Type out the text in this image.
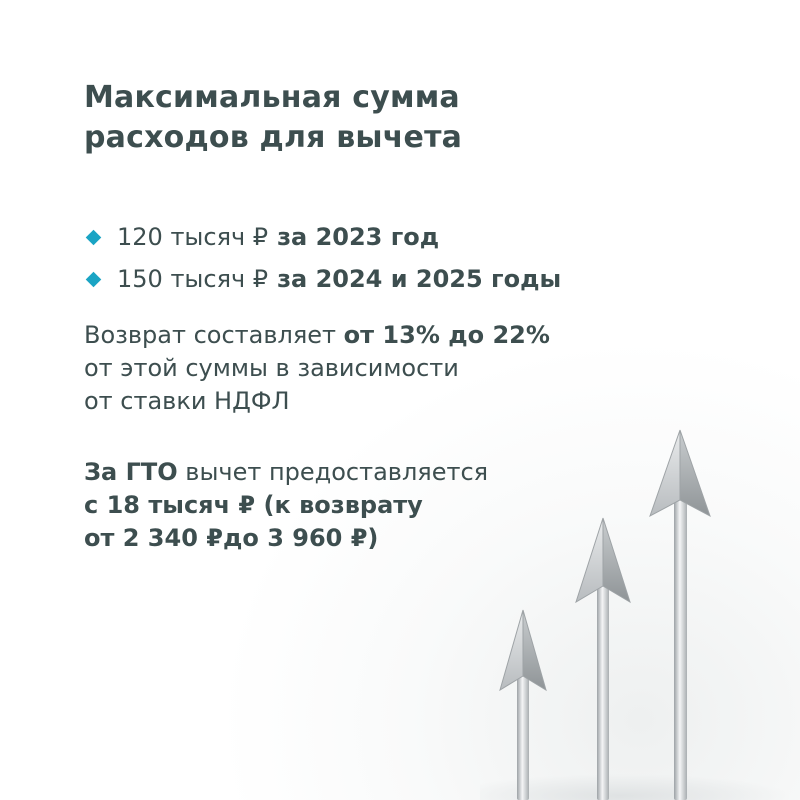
Максимальная сумма
расходов для вычета
120 тысяч ₽ за 2023 год
150 тысяч ₽ за 2024 и 2025 годы

Возврат составляет от 13% до 22%
от этой суммы в зависимости
от ставки НДФЛ

За ГТО вычет предоставляется
с 18 тысяч ₽ (к возврату
от 2 340 ₽до 3 960 ₽)
